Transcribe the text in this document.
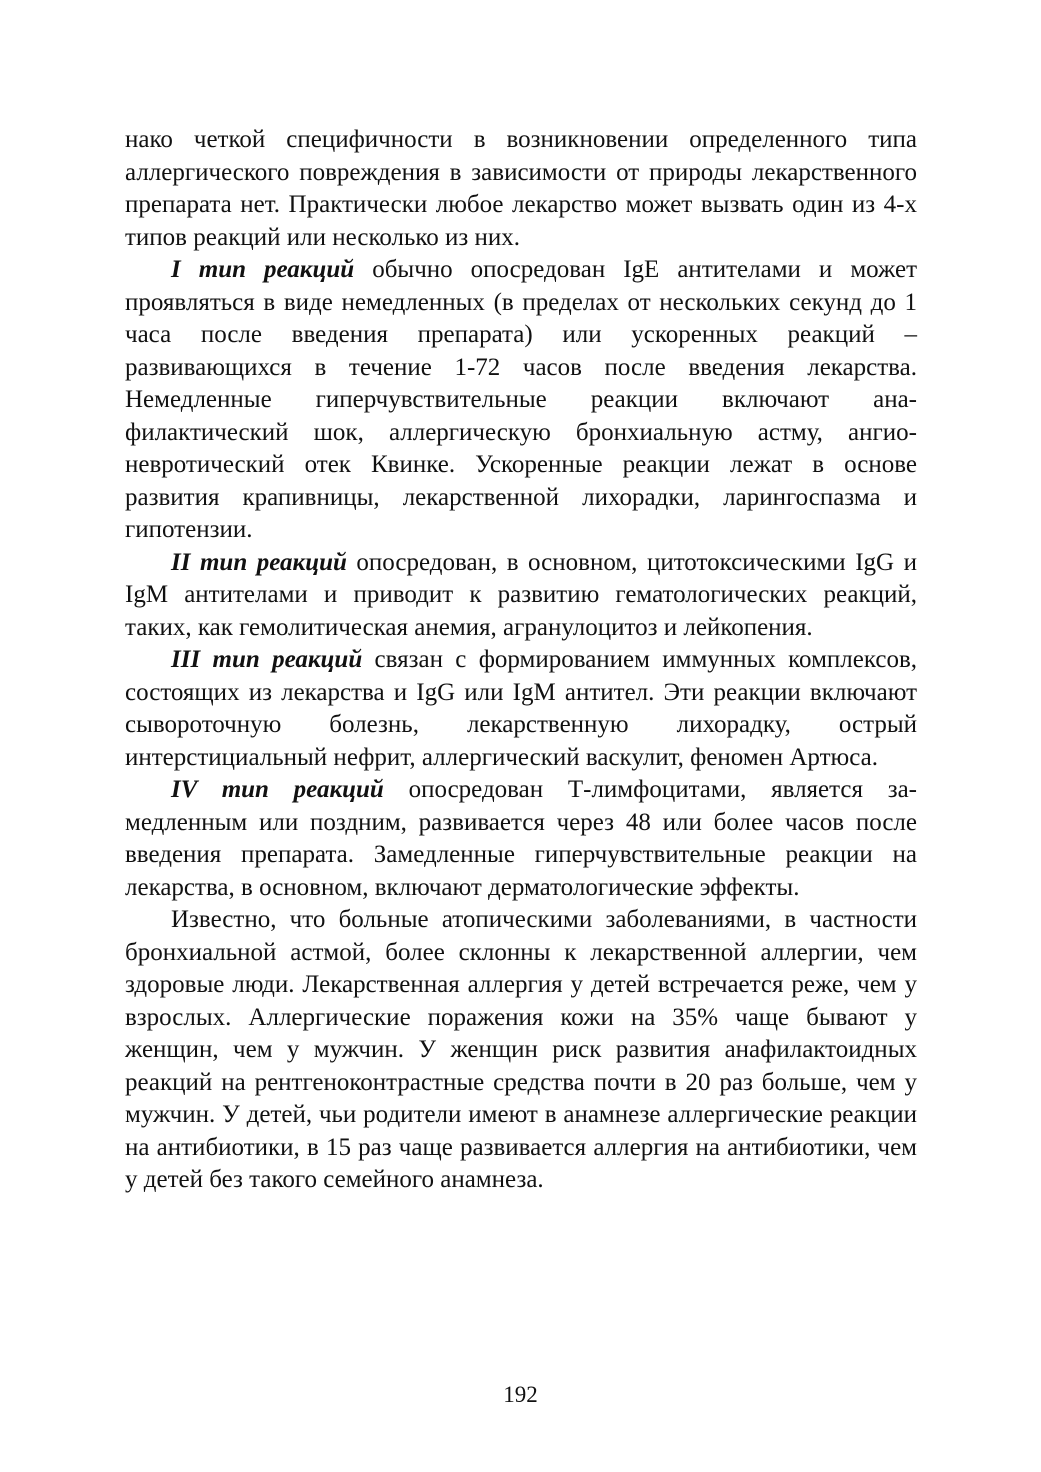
нако четкой специфичности в возникновении определенного типа аллергического повреждения в зависимости от природы лекарственного препарата нет. Практически любое лекарство может вызвать один из 4-х типов реакций или несколько из них.

I тип реакций обычно опосредован IgE антителами и может проявляться в виде немедленных (в пределах от нескольких секунд до 1 часа после введения препарата) или ускоренных реакций – развивающихся в течение 1-72 часов после введения лекарства. Немедленные гиперчувствительные реакции включают анафилактический шок, аллергическую бронхиальную астму, ангионевротический отек Квинке. Ускоренные реакции лежат в основе развития крапивницы, лекарственной лихорадки, ларингоспазма и гипотензии.

II тип реакций опосредован, в основном, цитотоксическими IgG и IgM антителами и приводит к развитию гематологических реакций, таких, как гемолитическая анемия, агранулоцитоз и лейкопения.

III тип реакций связан с формированием иммунных комплексов, состоящих из лекарства и IgG или IgM антител. Эти реакции включают сывороточную болезнь, лекарственную лихорадку, острый интерстициальный нефрит, аллергический васкулит, феномен Артюса.

IV тип реакций опосредован Т-лимфоцитами, является замедленным или поздним, развивается через 48 или более часов после введения препарата. Замедленные гиперчувствительные реакции на лекарства, в основном, включают дерматологические эффекты.

Известно, что больные атопическими заболеваниями, в частности бронхиальной астмой, более склонны к лекарственной аллергии, чем здоровые люди. Лекарственная аллергия у детей встречается реже, чем у взрослых. Аллергические поражения кожи на 35% чаще бывают у женщин, чем у мужчин. У женщин риск развития анафилактоидных реакций на рентгеноконтрастные средства почти в 20 раз больше, чем у мужчин. У детей, чьи родители имеют в анамнезе аллергические реакции на антибиотики, в 15 раз чаще развивается аллергия на антибиотики, чем у детей без такого семейного анамнеза.

192
